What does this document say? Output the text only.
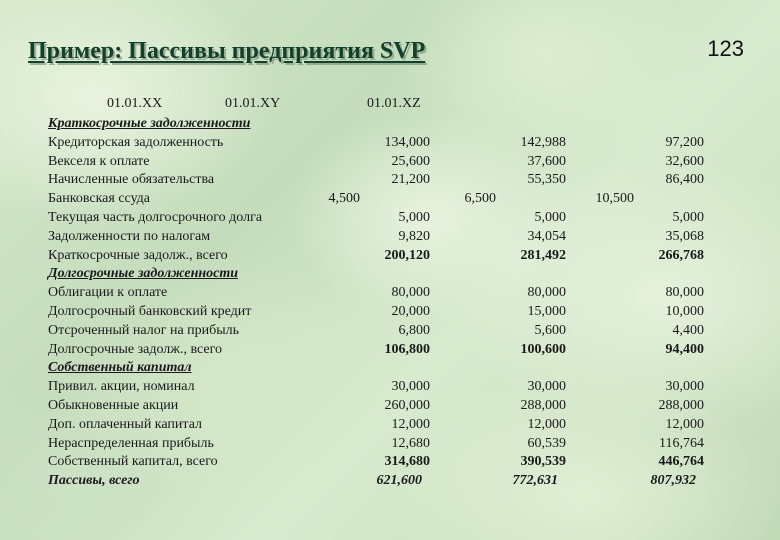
Пример: Пассивы предприятия SVP	123
01.01.XX	01.01.XY	01.01.XZ
Краткосрочные задолженности
Кредиторская задолженность	134,000	142,988	97,200
Векселя к оплате	25,600	37,600	32,600
Начисленные обязательства	21,200	55,350	86,400
Банковская ссуда	4,500	6,500	10,500
Текущая часть долгосрочного долга	5,000	5,000	5,000
Задолженности по налогам	9,820	34,054	35,068
Краткосрочные задолж., всего	200,120	281,492	266,768
Долгосрочные задолженности
Облигации к оплате	80,000	80,000	80,000
Долгосрочный банковский кредит	20,000	15,000	10,000
Отсроченный налог на прибыль	6,800	5,600	4,400
Долгосрочные задолж., всего	106,800	100,600	94,400
Собственный капитал
Привил. акции, номинал	30,000	30,000	30,000
Обыкновенные акции	260,000	288,000	288,000
Доп. оплаченный капитал	12,000	12,000	12,000
Нераспределенная прибыль	12,680	60,539	116,764
Собственный капитал, всего	314,680	390,539	446,764
Пассивы, всего	621,600	772,631	807,932
